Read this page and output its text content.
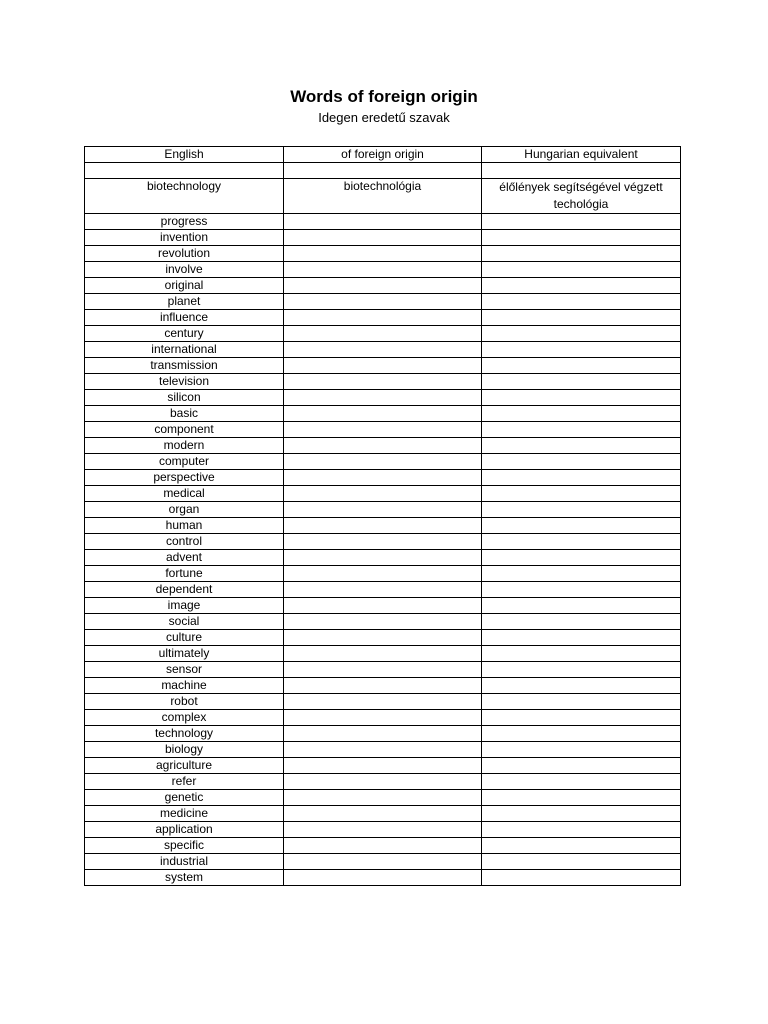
Words of foreign origin
Idegen eredetű szavak
English	of foreign origin	Hungarian equivalent

biotechnology	biotechnológia	élőlények segítségével végzett techológia
progress		
invention		
revolution		
involve		
original		
planet		
influence		
century		
international		
transmission		
television		
silicon		
basic		
component		
modern		
computer		
perspective		
medical		
organ		
human		
control		
advent		
fortune		
dependent		
image		
social		
culture		
ultimately		
sensor		
machine		
robot		
complex		
technology		
biology		
agriculture		
refer		
genetic		
medicine		
application		
specific		
industrial		
system		
